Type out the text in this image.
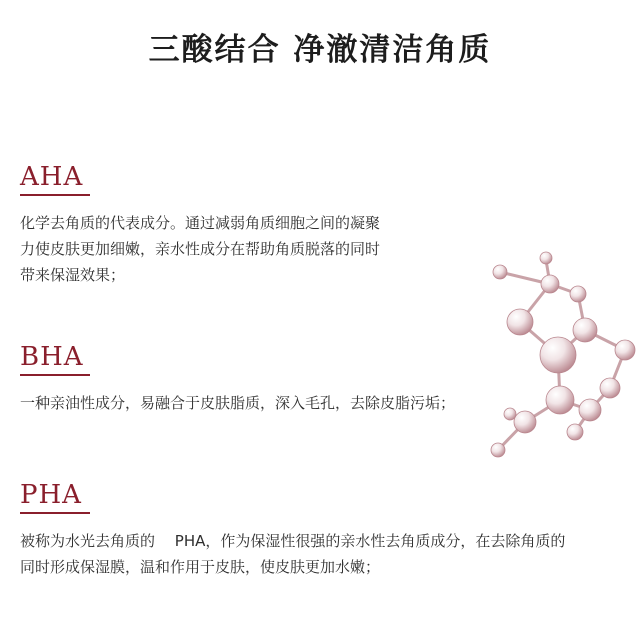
三酸结合 净澈清洁角质
AHA
化学去角质的代表成分。通过减弱角质细胞之间的凝聚
力使皮肤更加细嫩，亲水性成分在帮助角质脱落的同时
带来保湿效果；
BHA
一种亲油性成分，易融合于皮肤脂质，深入毛孔，去除皮脂污垢；
PHA
被称为水光去角质的　 PHA，作为保湿性很强的亲水性去角质成分，在去除角质的
同时形成保湿膜，温和作用于皮肤，使皮肤更加水嫩；
